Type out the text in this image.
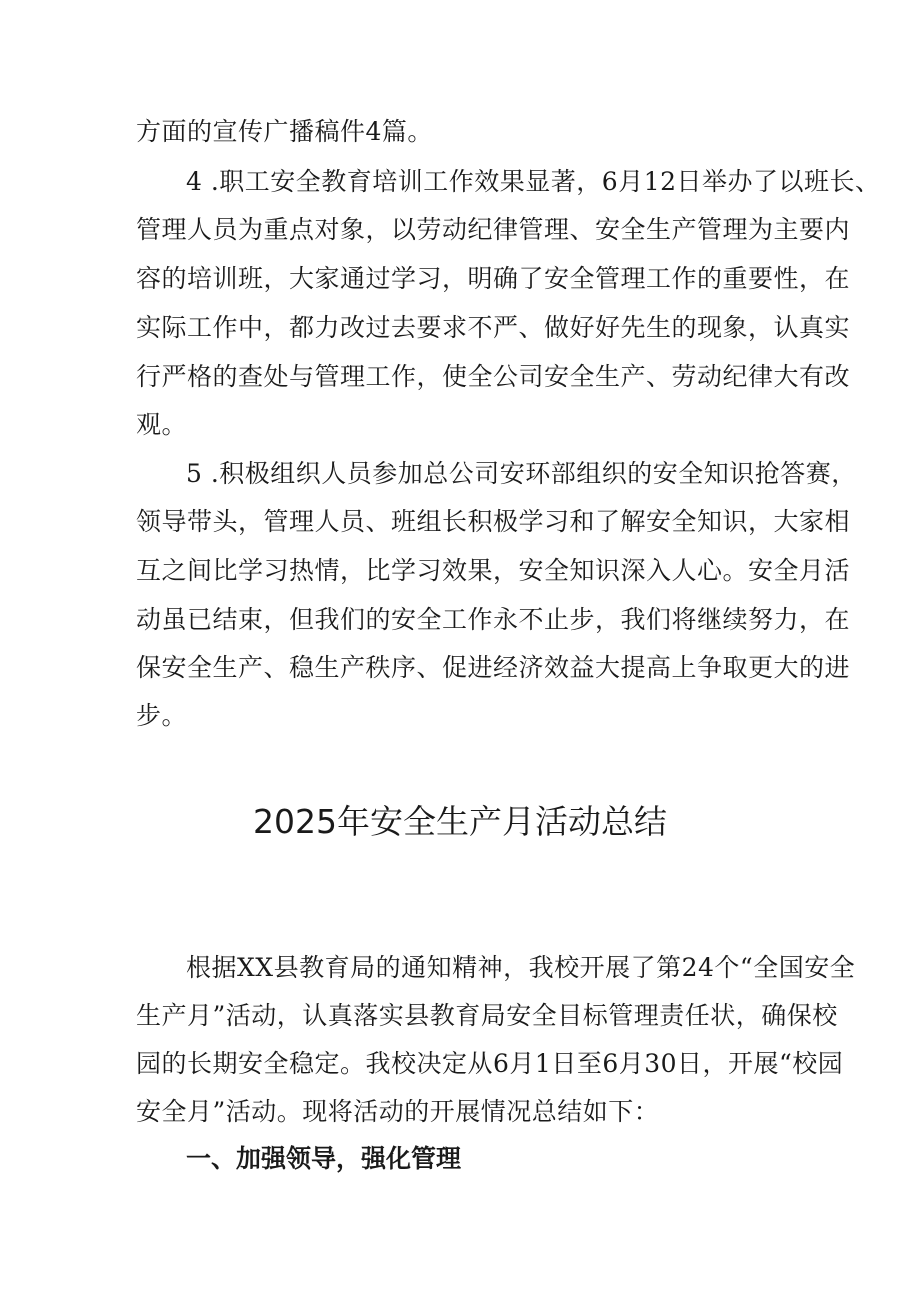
方面的宣传广播稿件4篇。
4 .职工安全教育培训工作效果显著，6月12日举办了以班长、
管理人员为重点对象，以劳动纪律管理、安全生产管理为主要内
容的培训班，大家通过学习，明确了安全管理工作的重要性，在
实际工作中，都力改过去要求不严、做好好先生的现象，认真实
行严格的查处与管理工作，使全公司安全生产、劳动纪律大有改
观。
5 .积极组织人员参加总公司安环部组织的安全知识抢答赛，
领导带头，管理人员、班组长积极学习和了解安全知识，大家相
互之间比学习热情，比学习效果，安全知识深入人心。安全月活
动虽已结束，但我们的安全工作永不止步，我们将继续努力，在
保安全生产、稳生产秩序、促进经济效益大提高上争取更大的进
步。
2025年安全生产月活动总结
根据XX县教育局的通知精神，我校开展了第24个“全国安全
生产月”活动，认真落实县教育局安全目标管理责任状，确保校
园的长期安全稳定。我校决定从6月1日至6月30日，开展“校园
安全月”活动。现将活动的开展情况总结如下：
一、加强领导，强化管理
